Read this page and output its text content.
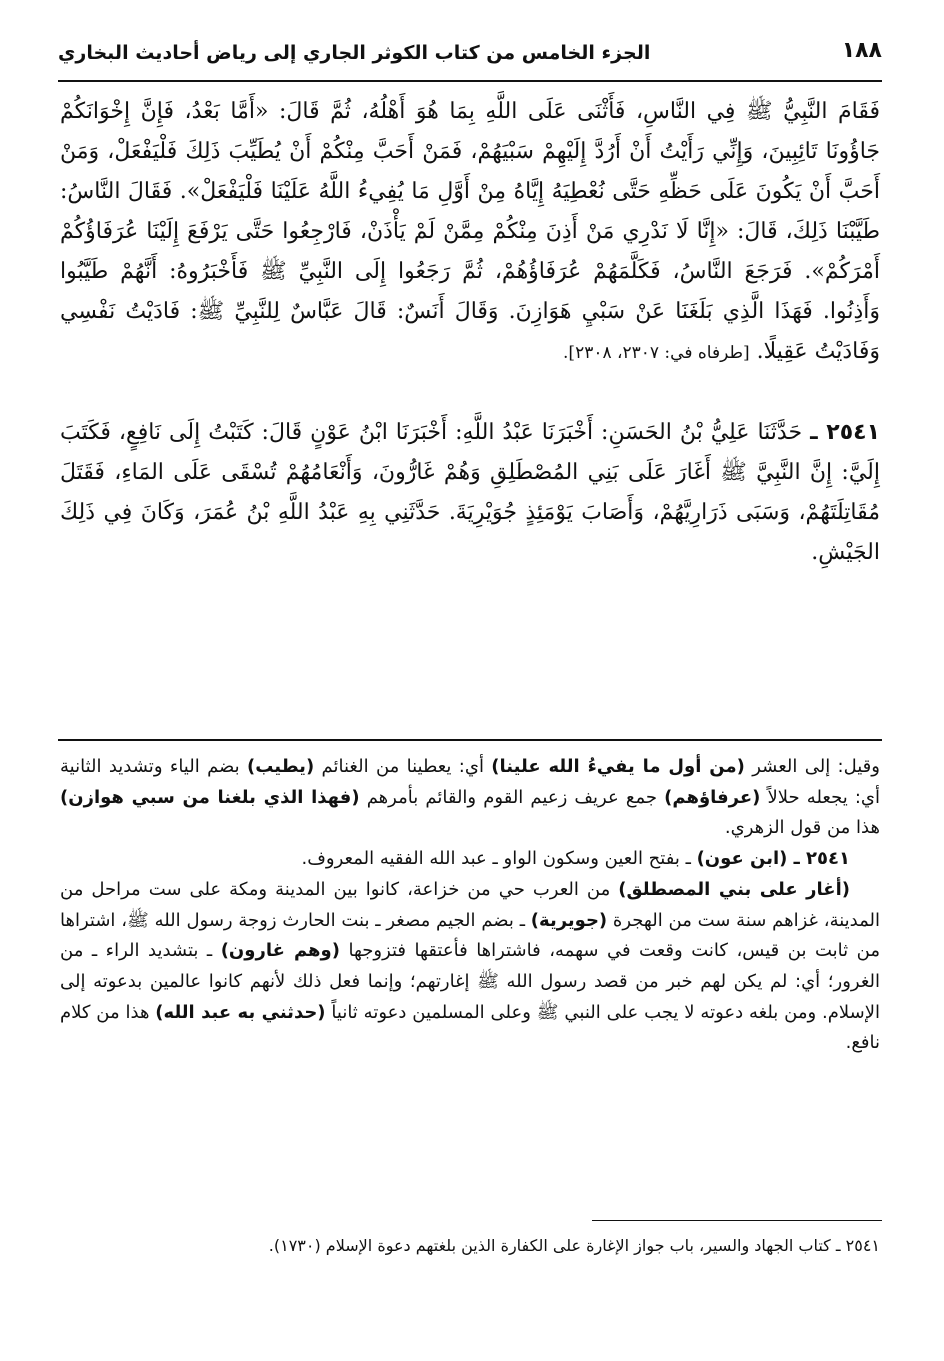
١٨٨
الجزء الخامس من كتاب الكوثر الجاري إلى رياض أحاديث البخاري

فَقَامَ النَّبِيُّ ﷺ فِي النَّاسِ، فَأَثْنَى عَلَى اللَّهِ بِمَا هُوَ أَهْلُهُ، ثُمَّ قَالَ: «أَمَّا بَعْدُ، فَإِنَّ إِخْوَانَكُمْ جَاؤُونَا تَائِبِينَ، وَإِنِّي رَأَيْتُ أَنْ أَرُدَّ إِلَيْهِمْ سَبْيَهُمْ، فَمَنْ أَحَبَّ مِنْكُمْ أَنْ يُطَيِّبَ ذَلِكَ فَلْيَفْعَلْ، وَمَنْ أَحَبَّ أَنْ يَكُونَ عَلَى حَظِّهِ حَتَّى نُعْطِيَهُ إِيَّاهُ مِنْ أَوَّلِ مَا يُفِيءُ اللَّهُ عَلَيْنَا فَلْيَفْعَلْ». فَقَالَ النَّاسُ: طَيَّبْنَا ذَلِكَ، قَالَ: «إِنَّا لَا نَدْرِي مَنْ أَذِنَ مِنْكُمْ مِمَّنْ لَمْ يَأْذَنْ، فَارْجِعُوا حَتَّى يَرْفَعَ إِلَيْنَا عُرَفَاؤُكُمْ أَمْرَكُمْ». فَرَجَعَ النَّاسُ، فَكَلَّمَهُمْ عُرَفَاؤُهُمْ، ثُمَّ رَجَعُوا إِلَى النَّبِيِّ ﷺ فَأَخْبَرُوهُ: أَنَّهُمْ طَيَّبُوا وَأَذِنُوا. فَهَذَا الَّذِي بَلَغَنَا عَنْ سَبْيِ هَوَازِنَ. وَقَالَ أَنَسٌ: قَالَ عَبَّاسٌ لِلنَّبِيِّ ﷺ: فَادَيْتُ نَفْسِي وَفَادَيْتُ عَقِيلًا. [طرفاه في: ٢٣٠٧، ٢٣٠٨].

٢٥٤١ ـ حَدَّثَنَا عَلِيُّ بْنُ الحَسَنِ: أَخْبَرَنَا عَبْدُ اللَّهِ: أَخْبَرَنَا ابْنُ عَوْنٍ قَالَ: كَتَبْتُ إِلَى نَافِعٍ، فَكَتَبَ إِلَيَّ: إِنَّ النَّبِيَّ ﷺ أَغَارَ عَلَى بَنِي المُصْطَلِقِ وَهُمْ غَارُّونَ، وَأَنْعَامُهُمْ تُسْقَى عَلَى المَاءِ، فَقَتَلَ مُقَاتِلَتَهُمْ، وَسَبَى ذَرَارِيَّهُمْ، وَأَصَابَ يَوْمَئِذٍ جُوَيْرِيَةَ. حَدَّثَنِي بِهِ عَبْدُ اللَّهِ بْنُ عُمَرَ، وَكَانَ فِي ذَلِكَ الجَيْشِ.

وقيل: إلى العشر (من أول ما يفيءُ الله علينا) أي: يعطينا من الغنائم (يطيب) بضم الياء وتشديد الثانية أي: يجعله حلالاً (عرفاؤهم) جمع عريف زعيم القوم والقائم بأمرهم (فهذا الذي بلغنا من سبي هوازن) هذا من قول الزهري.

٢٥٤١ ـ (ابن عون) ـ بفتح العين وسكون الواو ـ عبد الله الفقيه المعروف.

(أغار على بني المصطلق) من العرب حي من خزاعة، كانوا بين المدينة ومكة على ست مراحل من المدينة، غزاهم سنة ست من الهجرة (جويرية) ـ بضم الجيم مصغر ـ بنت الحارث زوجة رسول الله ﷺ، اشتراها من ثابت بن قيس، كانت وقعت في سهمه، فاشتراها فأعتقها فتزوجها (وهم غارون) ـ بتشديد الراء ـ من الغرور؛ أي: لم يكن لهم خبر من قصد رسول الله ﷺ إغارتهم؛ وإنما فعل ذلك لأنهم كانوا عالمين بدعوته إلى الإسلام. ومن بلغه دعوته لا يجب على النبي ﷺ وعلى المسلمين دعوته ثانياً (حدثني به عبد الله) هذا من كلام نافع.

٢٥٤١ ـ كتاب الجهاد والسير، باب جواز الإغارة على الكفارة الذين بلغتهم دعوة الإسلام (١٧٣٠).
